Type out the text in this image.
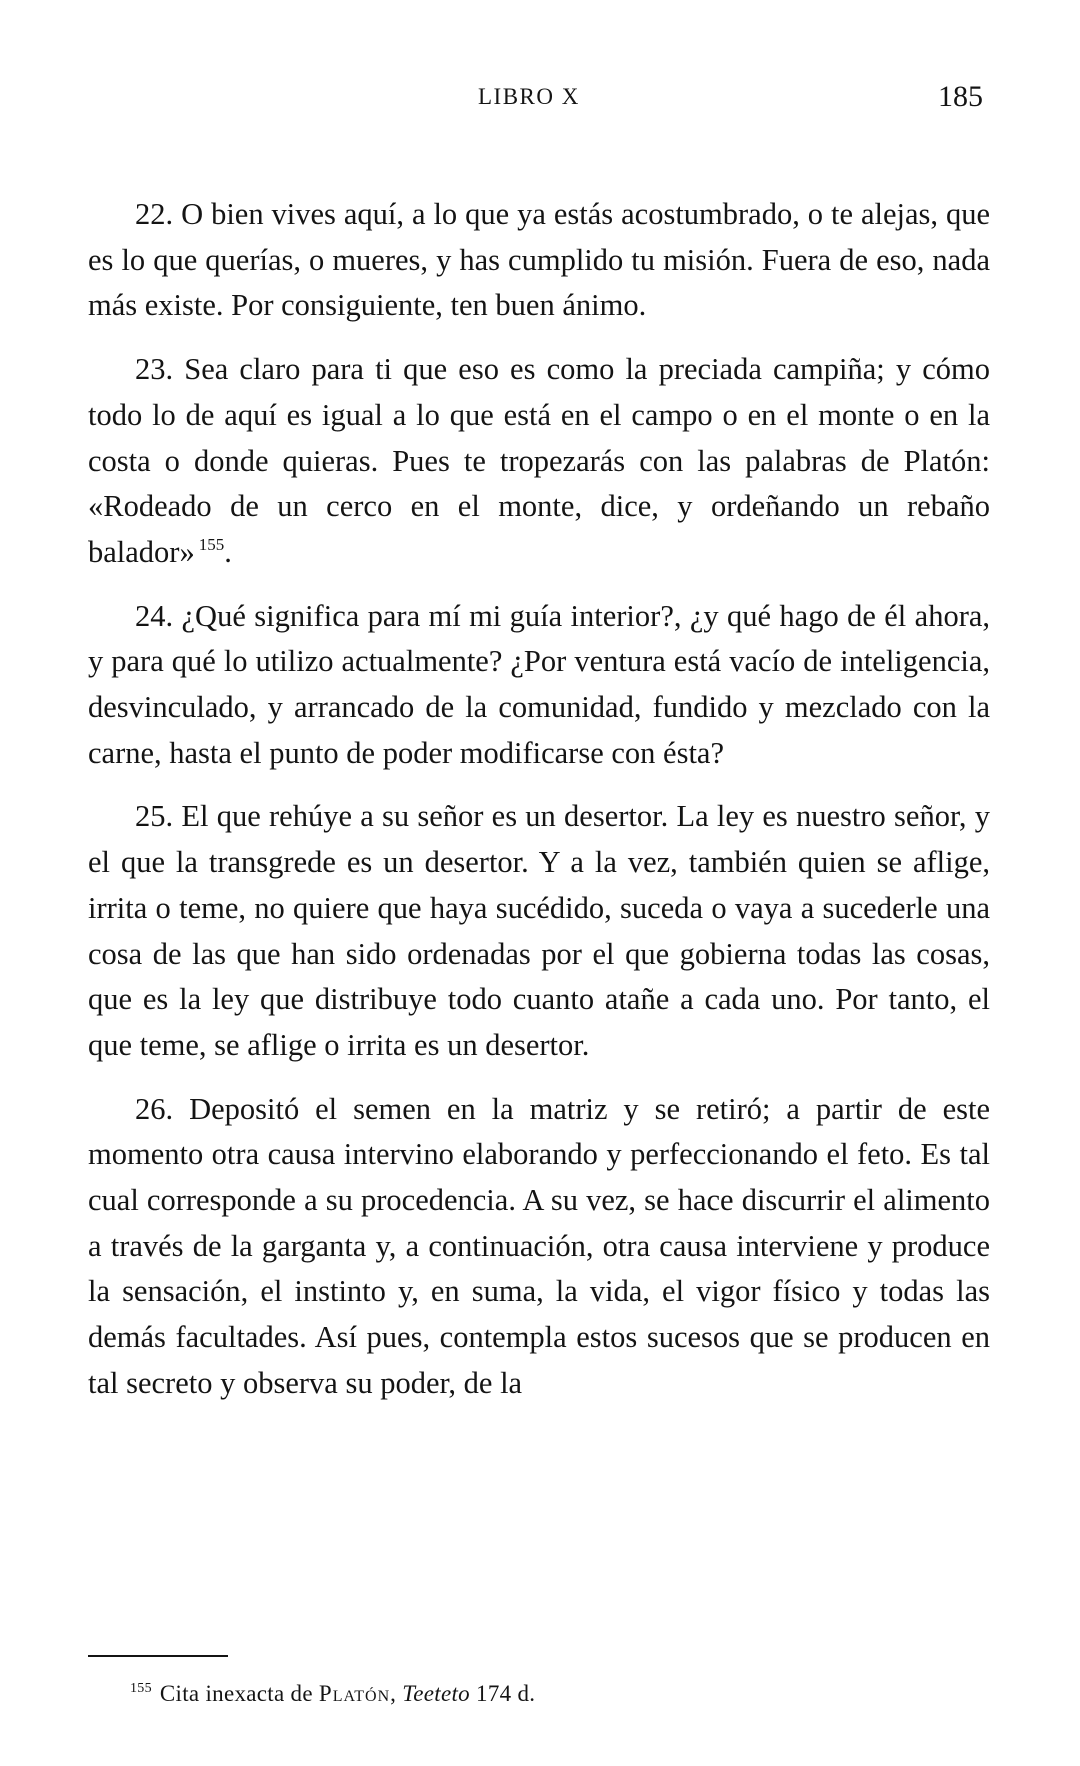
LIBRO X	185

22. O bien vives aquí, a lo que ya estás acostumbrado, o te alejas, que es lo que querías, o mueres, y has cumplido tu misión. Fuera de eso, nada más existe. Por consiguiente, ten buen ánimo.

23. Sea claro para ti que eso es como la preciada campiña; y cómo todo lo de aquí es igual a lo que está en el campo o en el monte o en la costa o donde quieras. Pues te tropezarás con las palabras de Platón: «Rodeado de un cerco en el monte, dice, y ordeñando un rebaño balador» $^{155}$.

24. ¿Qué significa para mí mi guía interior?, ¿y qué hago de él ahora, y para qué lo utilizo actualmente? ¿Por ventura está vacío de inteligencia, desvinculado, y arrancado de la comunidad, fundido y mezclado con la carne, hasta el punto de poder modificarse con ésta?

25. El que rehúye a su señor es un desertor. La ley es nuestro señor, y el que la transgrede es un desertor. Y a la vez, también quien se aflige, irrita o teme, no quiere que haya sucédido, suceda o vaya a sucederle una cosa de las que han sido ordenadas por el que gobierna todas las cosas, que es la ley que distribuye todo cuanto atañe a cada uno. Por tanto, el que teme, se aflige o irrita es un desertor.

26. Depositó el semen en la matriz y se retiró; a partir de este momento otra causa intervino elaborando y perfeccionando el feto. Es tal cual corresponde a su procedencia. A su vez, se hace discurrir el alimento a través de la garganta y, a continuación, otra causa interviene y produce la sensación, el instinto y, en suma, la vida, el vigor físico y todas las demás facultades. Así pues, contempla estos sucesos que se producen en tal secreto y observa su poder, de la

$^{155}$ Cita inexacta de Platón, Teeteto 174 d.
